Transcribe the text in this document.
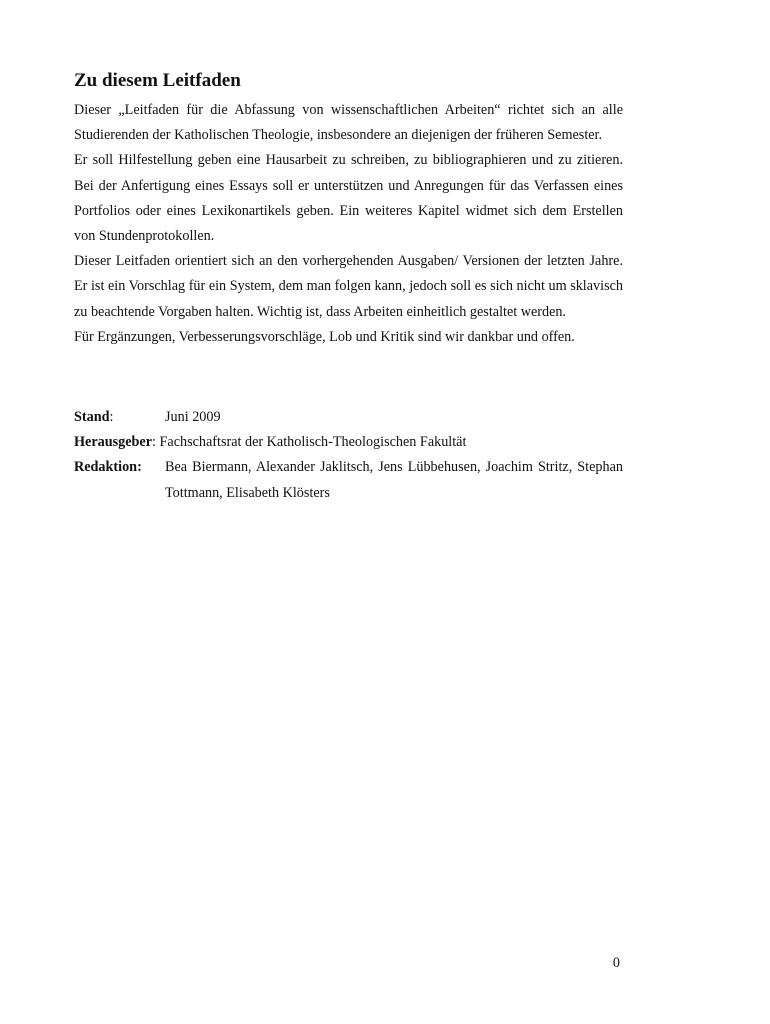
Zu diesem Leitfaden

Dieser „Leitfaden für die Abfassung von wissenschaftlichen Arbeiten“ richtet sich an alle Studierenden der Katholischen Theologie, insbesondere an diejenigen der früheren Semester.

Er soll Hilfestellung geben eine Hausarbeit zu schreiben, zu bibliographieren und zu zitieren. Bei der Anfertigung eines Essays soll er unterstützen und Anregungen für das Verfassen eines Portfolios oder eines Lexikonartikels geben. Ein weiteres Kapitel widmet sich dem Erstellen von Stundenprotokollen.

Dieser Leitfaden orientiert sich an den vorhergehenden Ausgaben/ Versionen der letzten Jahre. Er ist ein Vorschlag für ein System, dem man folgen kann, jedoch soll es sich nicht um sklavisch zu beachtende Vorgaben halten. Wichtig ist, dass Arbeiten einheitlich gestaltet werden.

Für Ergänzungen, Verbesserungsvorschläge, Lob und Kritik sind wir dankbar und offen.

Stand:	Juni 2009
Herausgeber : Fachschaftsrat der Katholisch-Theologischen Fakultät
Redaktion:	Bea Biermann, Alexander Jaklitsch, Jens Lübbehusen, Joachim Stritz, Stephan Tottmann, Elisabeth Klösters
0
